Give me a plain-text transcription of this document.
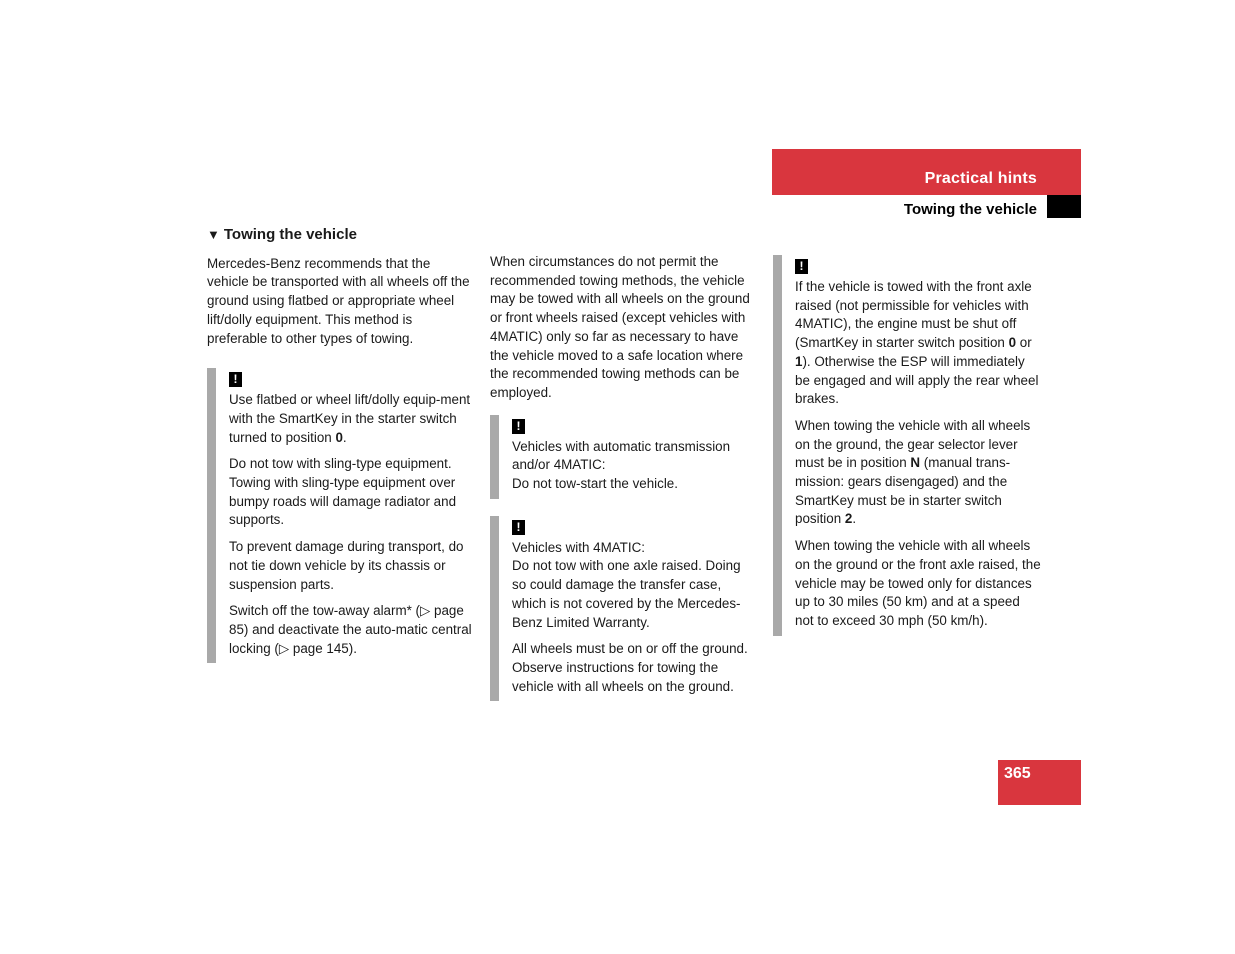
Practical hints
Towing the vehicle
▼ Towing the vehicle

Mercedes-Benz recommends that the vehicle be transported with all wheels off the ground using flatbed or appropriate wheel lift/dolly equipment. This method is preferable to other types of towing.

!

Use flatbed or wheel lift/dolly equip-ment with the SmartKey in the starter switch turned to position 0.

Do not tow with sling-type equipment. Towing with sling-type equipment over bumpy roads will damage radiator and supports.

To prevent damage during transport, do not tie down vehicle by its chassis or suspension parts.

Switch off the tow-away alarm* (▷ page 85) and deactivate the auto-matic central locking (▷ page 145).

When circumstances do not permit the recommended towing methods, the vehicle may be towed with all wheels on the ground or front wheels raised (except vehicles with 4MATIC) only so far as necessary to have the vehicle moved to a safe location where the recommended towing methods can be employed.

!

Vehicles with automatic transmission and/or 4MATIC:
Do not tow-start the vehicle.

!

Vehicles with 4MATIC:
Do not tow with one axle raised. Doing so could damage the transfer case, which is not covered by the Mercedes-Benz Limited Warranty.

All wheels must be on or off the ground. Observe instructions for towing the vehicle with all wheels on the ground.

!

If the vehicle is towed with the front axle raised (not permissible for vehicles with 4MATIC), the engine must be shut off (SmartKey in starter switch position 0 or 1). Otherwise the ESP will immediately be engaged and will apply the rear wheel brakes.

When towing the vehicle with all wheels on the ground, the gear selector lever must be in position N (manual trans-mission: gears disengaged) and the SmartKey must be in starter switch position 2.

When towing the vehicle with all wheels on the ground or the front axle raised, the vehicle may be towed only for distances up to 30 miles (50 km) and at a speed not to exceed 30 mph (50 km/h).

365
